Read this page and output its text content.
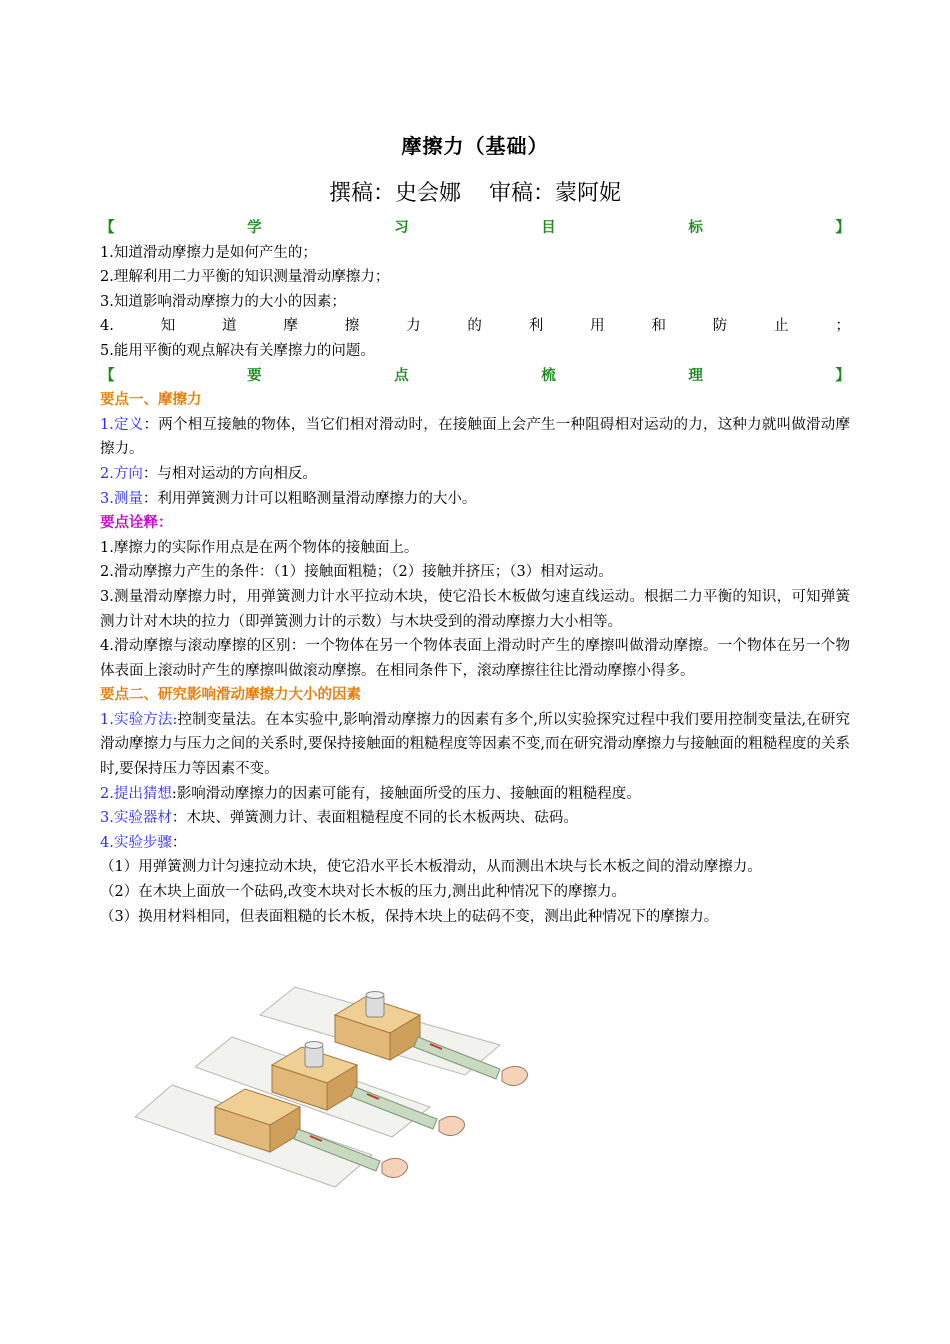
摩擦力（基础）
撰稿：史会娜    审稿：蒙阿妮
【	学	习	目	标	】
1.知道滑动摩擦力是如何产生的；
2.理解利用二力平衡的知识测量滑动摩擦力；
3.知道影响滑动摩擦力的大小的因素；
4.	知	道	摩	擦	力	的	利	用	和	防	止	；
5.能用平衡的观点解决有关摩擦力的问题。
【	要	点	梳	理	】
要点一、摩擦力
1.定义：两个相互接触的物体，当它们相对滑动时，在接触面上会产生一种阻碍相对运动的力，这种力就叫做滑动摩擦力。
2.方向：与相对运动的方向相反。
3.测量：利用弹簧测力计可以粗略测量滑动摩擦力的大小。
要点诠释：
1.摩擦力的实际作用点是在两个物体的接触面上。
2.滑动摩擦力产生的条件：（1）接触面粗糙；（2）接触并挤压；（3）相对运动。
3.测量滑动摩擦力时，用弹簧测力计水平拉动木块，使它沿长木板做匀速直线运动。根据二力平衡的知识，可知弹簧测力计对木块的拉力（即弹簧测力计的示数）与木块受到的滑动摩擦力大小相等。
4.滑动摩擦与滚动摩擦的区别：一个物体在另一个物体表面上滑动时产生的摩擦叫做滑动摩擦。一个物体在另一个物体表面上滚动时产生的摩擦叫做滚动摩擦。在相同条件下，滚动摩擦往往比滑动摩擦小得多。
要点二、研究影响滑动摩擦力大小的因素
1.实验方法:控制变量法。在本实验中,影响滑动摩擦力的因素有多个,所以实验探究过程中我们要用控制变量法,在研究滑动摩擦力与压力之间的关系时,要保持接触面的粗糙程度等因素不变,而在研究滑动摩擦力与接触面的粗糙程度的关系时,要保持压力等因素不变。
2.提出猜想:影响滑动摩擦力的因素可能有，接触面所受的压力、接触面的粗糙程度。
3.实验器材：木块、弹簧测力计、表面粗糙程度不同的长木板两块、砝码。
4.实验步骤：
（1）用弹簧测力计匀速拉动木块，使它沿水平长木板滑动，从而测出木块与长木板之间的滑动摩擦力。
（2）在木块上面放一个砝码,改变木块对长木板的压力,测出此种情况下的摩擦力。
（3）换用材料相同，但表面粗糙的长木板，保持木块上的砝码不变，测出此种情况下的摩擦力。
